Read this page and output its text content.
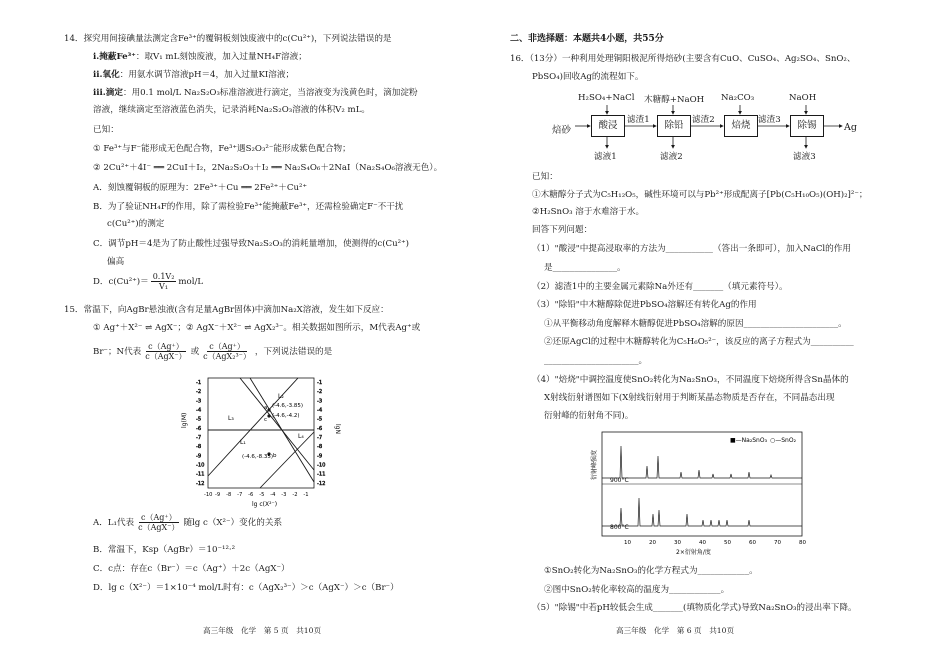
14．探究用间接碘量法测定含Fe³⁺的覆铜板刻蚀废液中的c(Cu²⁺)，下列说法错误的是
i.掩蔽Fe³⁺：取V₁ mL刻蚀废液，加入过量NH₄F溶液；
ii.氧化：用氨水调节溶液pH＝4，加入过量KI溶液；
iii.滴定：用0.1 mol/L Na₂S₂O₃标准溶液进行滴定，当溶液变为浅黄色时，滴加淀粉
溶液，继续滴定至溶液蓝色消失，记录消耗Na₂S₂O₃溶液的体积V₂ mL。
已知：
① Fe³⁺与F⁻能形成无色配合物，Fe³⁺遇S₂O₃²⁻能形成紫色配合物；
② 2Cu²⁺＋4I⁻ ══ 2CuI＋I₂，2Na₂S₂O₃＋I₂ ══ Na₂S₄O₆＋2NaI（Na₂S₄O₆溶液无色）。
A．刻蚀覆铜板的原理为：2Fe³⁺＋Cu ══ 2Fe²⁺＋Cu²⁺
B．为了验证NH₄F的作用，除了需检验Fe³⁺能掩蔽Fe³⁺，还需检验确定F⁻不干扰
c(Cu²⁺)的测定
C．调节pH＝4是为了防止酸性过强导致Na₂S₂O₃的消耗量增加，使测得的c(Cu²⁺)
偏高
D．$c(Cu^{2+})= \frac{\text{0.1V₂}}{\text{V₁}} mol/L$
15．常温下，向AgBr悬浊液(含有足量AgBr固体)中滴加Na₂X溶液，发生如下反应：
① Ag⁺＋X²⁻ ⇌ AgX⁻；② AgX⁻＋X²⁻ ⇌ AgX₂³⁻。相关数据如图所示，M代表Ag⁺或
Br⁻；N代表 $\frac{c(Ag^+)}{\text{c（AgX⁻）}}$ 或 $\frac{c(Ag^+)}{\text{c（AgX₂³⁻）}}$ ，下列说法错误的是
-1	-1
-2	-2
-3	-3
-4	-4
-5	-5
-6	-6
-7	-7
-8	-8
-9	-9
-10	-10
-11	-11
-12	-12
lg(M)
lgN
(-4.6,-3.85)
(-4.6,-4.2)
(-4.6,-8.35)
a
b
c
L₁
L₂
L₃
L₄
-10 -9 -8 -7 -6 -5 -4 -3 -2 -1
lg c(X²⁻)
A．L₁代表 $\frac{c(Ag^+)}{\text{c（AgX⁻）}}$ 随lg c（X²⁻）变化的关系
B．常温下，Ksp（AgBr）＝10⁻¹²·²
C．c点：存在c（Br⁻）＝c（Ag⁺）＋2c（AgX⁻）
D．lg c（X²⁻）＝1×10⁻⁴ mol/L时有：c（AgX₂³⁻）＞c（AgX⁻）＞c（Br⁻）
高三年级　化学　第 5 页　共10页
二、非选择题：本题共4小题，共55分
16．（13分）一种利用处理铜阳极泥所得焙砂(主要含有CuO、CuSO₄、Ag₂SO₄、SnO₂、
PbSO₄)回收Ag的流程如下。
H₂SO₄+NaCl 木糖醇+NaOH Na₂CO₃	NaOH
焙砂	酸浸	除铅	焙烧	除锡
滤渣1	滤渣2	滤渣3
Ag
滤液1	滤液2	滤液3
已知：
①木糖醇分子式为C₅H₁₂O₅，碱性环境可以与Pb²⁺形成配离子[Pb(C₅H₁₀O₅)(OH)₂]²⁻；
②H₂SnO₃ 溶于水难溶于水。
回答下列问题：
（1）"酸浸"中提高浸取率的方法为___________（答出一条即可），加入NaCl的作用
是_______________。
（2）滤渣1中的主要金属元素除Na外还有_______（填元素符号）。
（3）"除铅"中木糖醇除促进PbSO₄溶解还有转化Ag的作用
①从平衡移动角度解释木糖醇促进PbSO₄溶解的原因______________________。
②还原AgCl的过程中木糖醇转化为C₅H₆O₅²⁻，该反应的离子方程式为__________
______________________。
（4）"焙烧"中调控温度使SnO₂转化为Na₂SnO₃，不同温度下焙烧所得含Sn晶体的
X射线衍射谱图如下(X射线衍射用于判断某晶态物质是否存在，不同晶态出现
衍射峰的衍射角不同)。
衍射峰强度
■—Na₂SnO₃ ○—SnO₂
900°C
800°C
10	20	30	40	50	60	70	80
2×衍射角/度
①SnO₂转化为Na₂SnO₃的化学方程式为____________。
②图中SnO₂转化率较高的温度为____________。
（5）"除锡"中若pH较低会生成_______(填物质化学式)导致Na₂SnO₃的浸出率下降。
高三年级　化学　第 6 页　共10页
